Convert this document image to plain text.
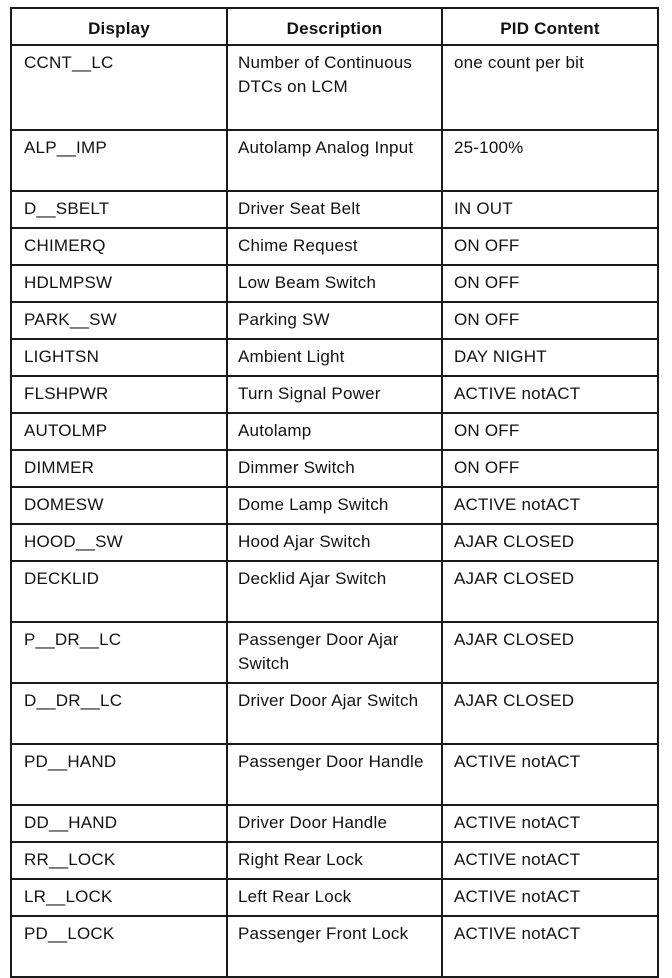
Display	Description	PID Content
CCNT__LC	Number of Continuous DTCs on LCM	one count per bit
ALP__IMP	Autolamp Analog Input	25-100%
D__SBELT	Driver Seat Belt	IN OUT
CHIMERQ	Chime Request	ON OFF
HDLMPSW	Low Beam Switch	ON OFF
PARK__SW	Parking SW	ON OFF
LIGHTSN	Ambient Light	DAY NIGHT
FLSHPWR	Turn Signal Power	ACTIVE notACT
AUTOLMP	Autolamp	ON OFF
DIMMER	Dimmer Switch	ON OFF
DOMESW	Dome Lamp Switch	ACTIVE notACT
HOOD__SW	Hood Ajar Switch	AJAR CLOSED
DECKLID	Decklid Ajar Switch	AJAR CLOSED
P__DR__LC	Passenger Door Ajar Switch	AJAR CLOSED
D__DR__LC	Driver Door Ajar Switch	AJAR CLOSED
PD__HAND	Passenger Door Handle	ACTIVE notACT
DD__HAND	Driver Door Handle	ACTIVE notACT
RR__LOCK	Right Rear Lock	ACTIVE notACT
LR__LOCK	Left Rear Lock	ACTIVE notACT
PD__LOCK	Passenger Front Lock	ACTIVE notACT
